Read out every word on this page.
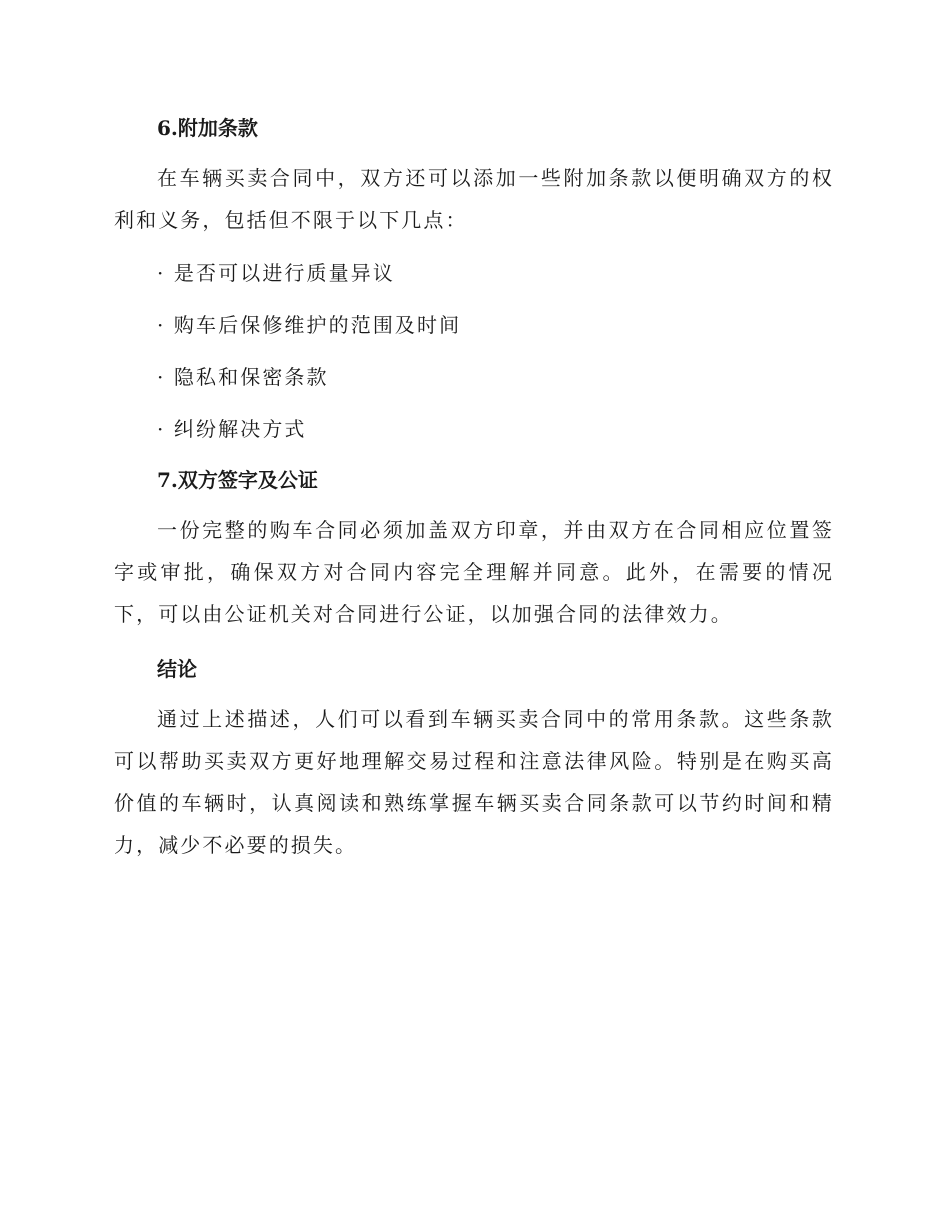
6.附加条款
在车辆买卖合同中，双方还可以添加一些附加条款以便明确双方的权利和义务，包括但不限于以下几点：
· 是否可以进行质量异议
· 购车后保修维护的范围及时间
· 隐私和保密条款
· 纠纷解决方式
7.双方签字及公证
一份完整的购车合同必须加盖双方印章，并由双方在合同相应位置签字或审批，确保双方对合同内容完全理解并同意。此外，在需要的情况下，可以由公证机关对合同进行公证，以加强合同的法律效力。
结论
通过上述描述，人们可以看到车辆买卖合同中的常用条款。这些条款可以帮助买卖双方更好地理解交易过程和注意法律风险。特别是在购买高价值的车辆时，认真阅读和熟练掌握车辆买卖合同条款可以节约时间和精力，减少不必要的损失。
